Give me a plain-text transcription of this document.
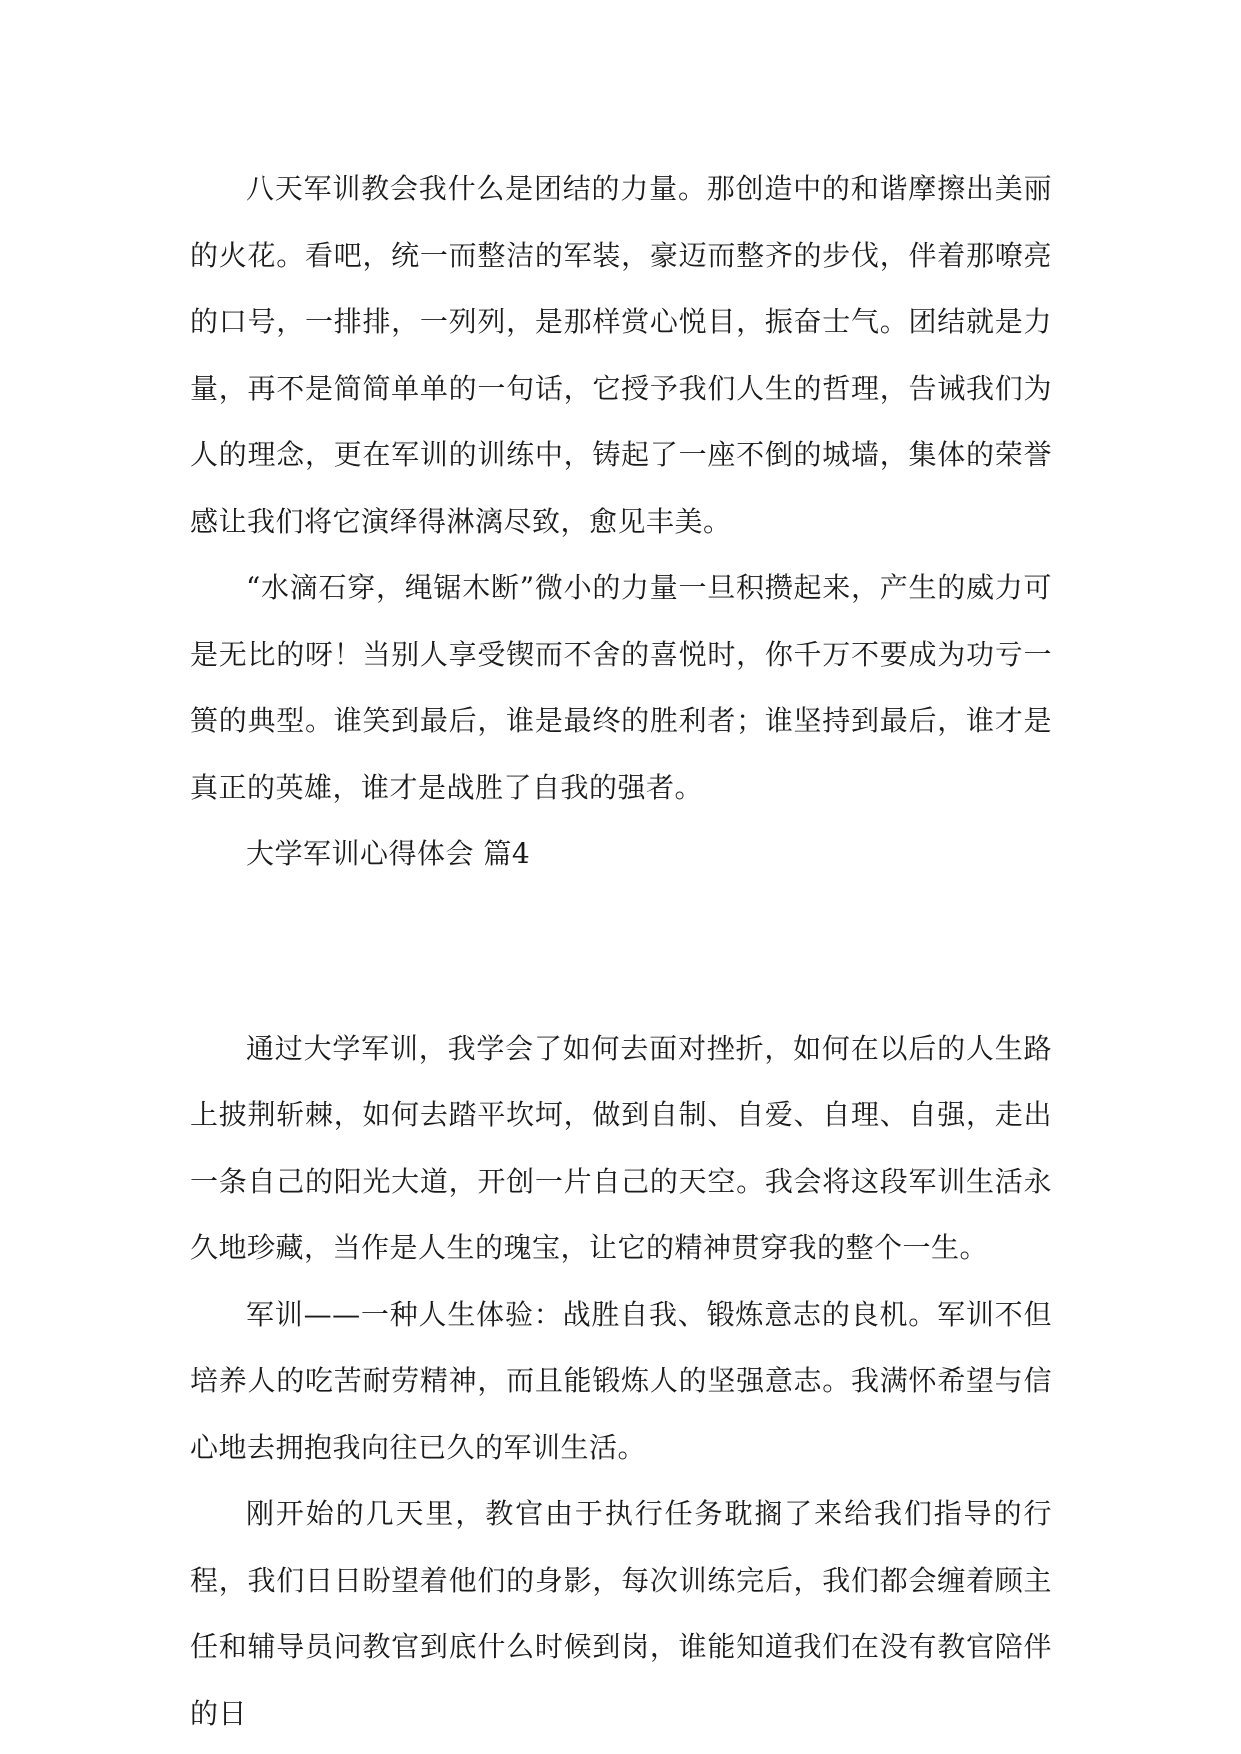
八天军训教会我什么是团结的力量。那创造中的和谐摩擦出美丽的火花。看吧，统一而整洁的军装，豪迈而整齐的步伐，伴着那嘹亮的口号，一排排，一列列，是那样赏心悦目，振奋士气。团结就是力量，再不是简简单单的一句话，它授予我们人生的哲理，告诫我们为人的理念，更在军训的训练中，铸起了一座不倒的城墙，集体的荣誉感让我们将它演绎得淋漓尽致，愈见丰美。

“水滴石穿，绳锯木断”微小的力量一旦积攒起来，产生的威力可是无比的呀！当别人享受锲而不舍的喜悦时，你千万不要成为功亏一篑的典型。谁笑到最后，谁是最终的胜利者；谁坚持到最后，谁才是真正的英雄，谁才是战胜了自我的强者。

大学军训心得体会 篇4

通过大学军训，我学会了如何去面对挫折，如何在以后的人生路上披荆斩棘，如何去踏平坎坷，做到自制、自爱、自理、自强，走出一条自己的阳光大道，开创一片自己的天空。我会将这段军训生活永久地珍藏，当作是人生的瑰宝，让它的精神贯穿我的整个一生。

军训——一种人生体验：战胜自我、锻炼意志的良机。军训不但培养人的吃苦耐劳精神，而且能锻炼人的坚强意志。我满怀希望与信心地去拥抱我向往已久的军训生活。

刚开始的几天里，教官由于执行任务耽搁了来给我们指导的行程，我们日日盼望着他们的身影，每次训练完后，我们都会缠着顾主任和辅导员问教官到底什么时候到岗，谁能知道我们在没有教官陪伴的日
